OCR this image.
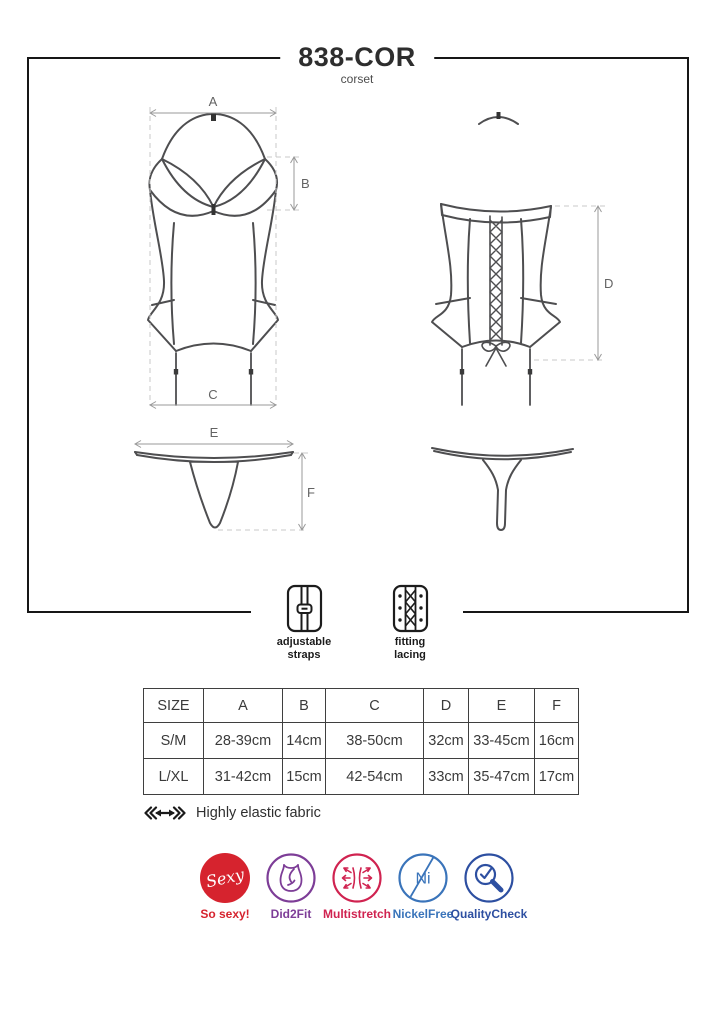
838-COR
corset
A
B
C
D
E
F
adjustable
straps
fitting
lacing
SIZE	A	B	C	D	E	F
S/M	28-39cm	14cm	38-50cm	32cm	33-45cm	16cm
L/XL	31-42cm	15cm	42-54cm	33cm	35-47cm	17cm
Highly elastic fabric
Sexy
So sexy! Did2Fit Multistretch
Ni
NickelFree
QualityCheck
